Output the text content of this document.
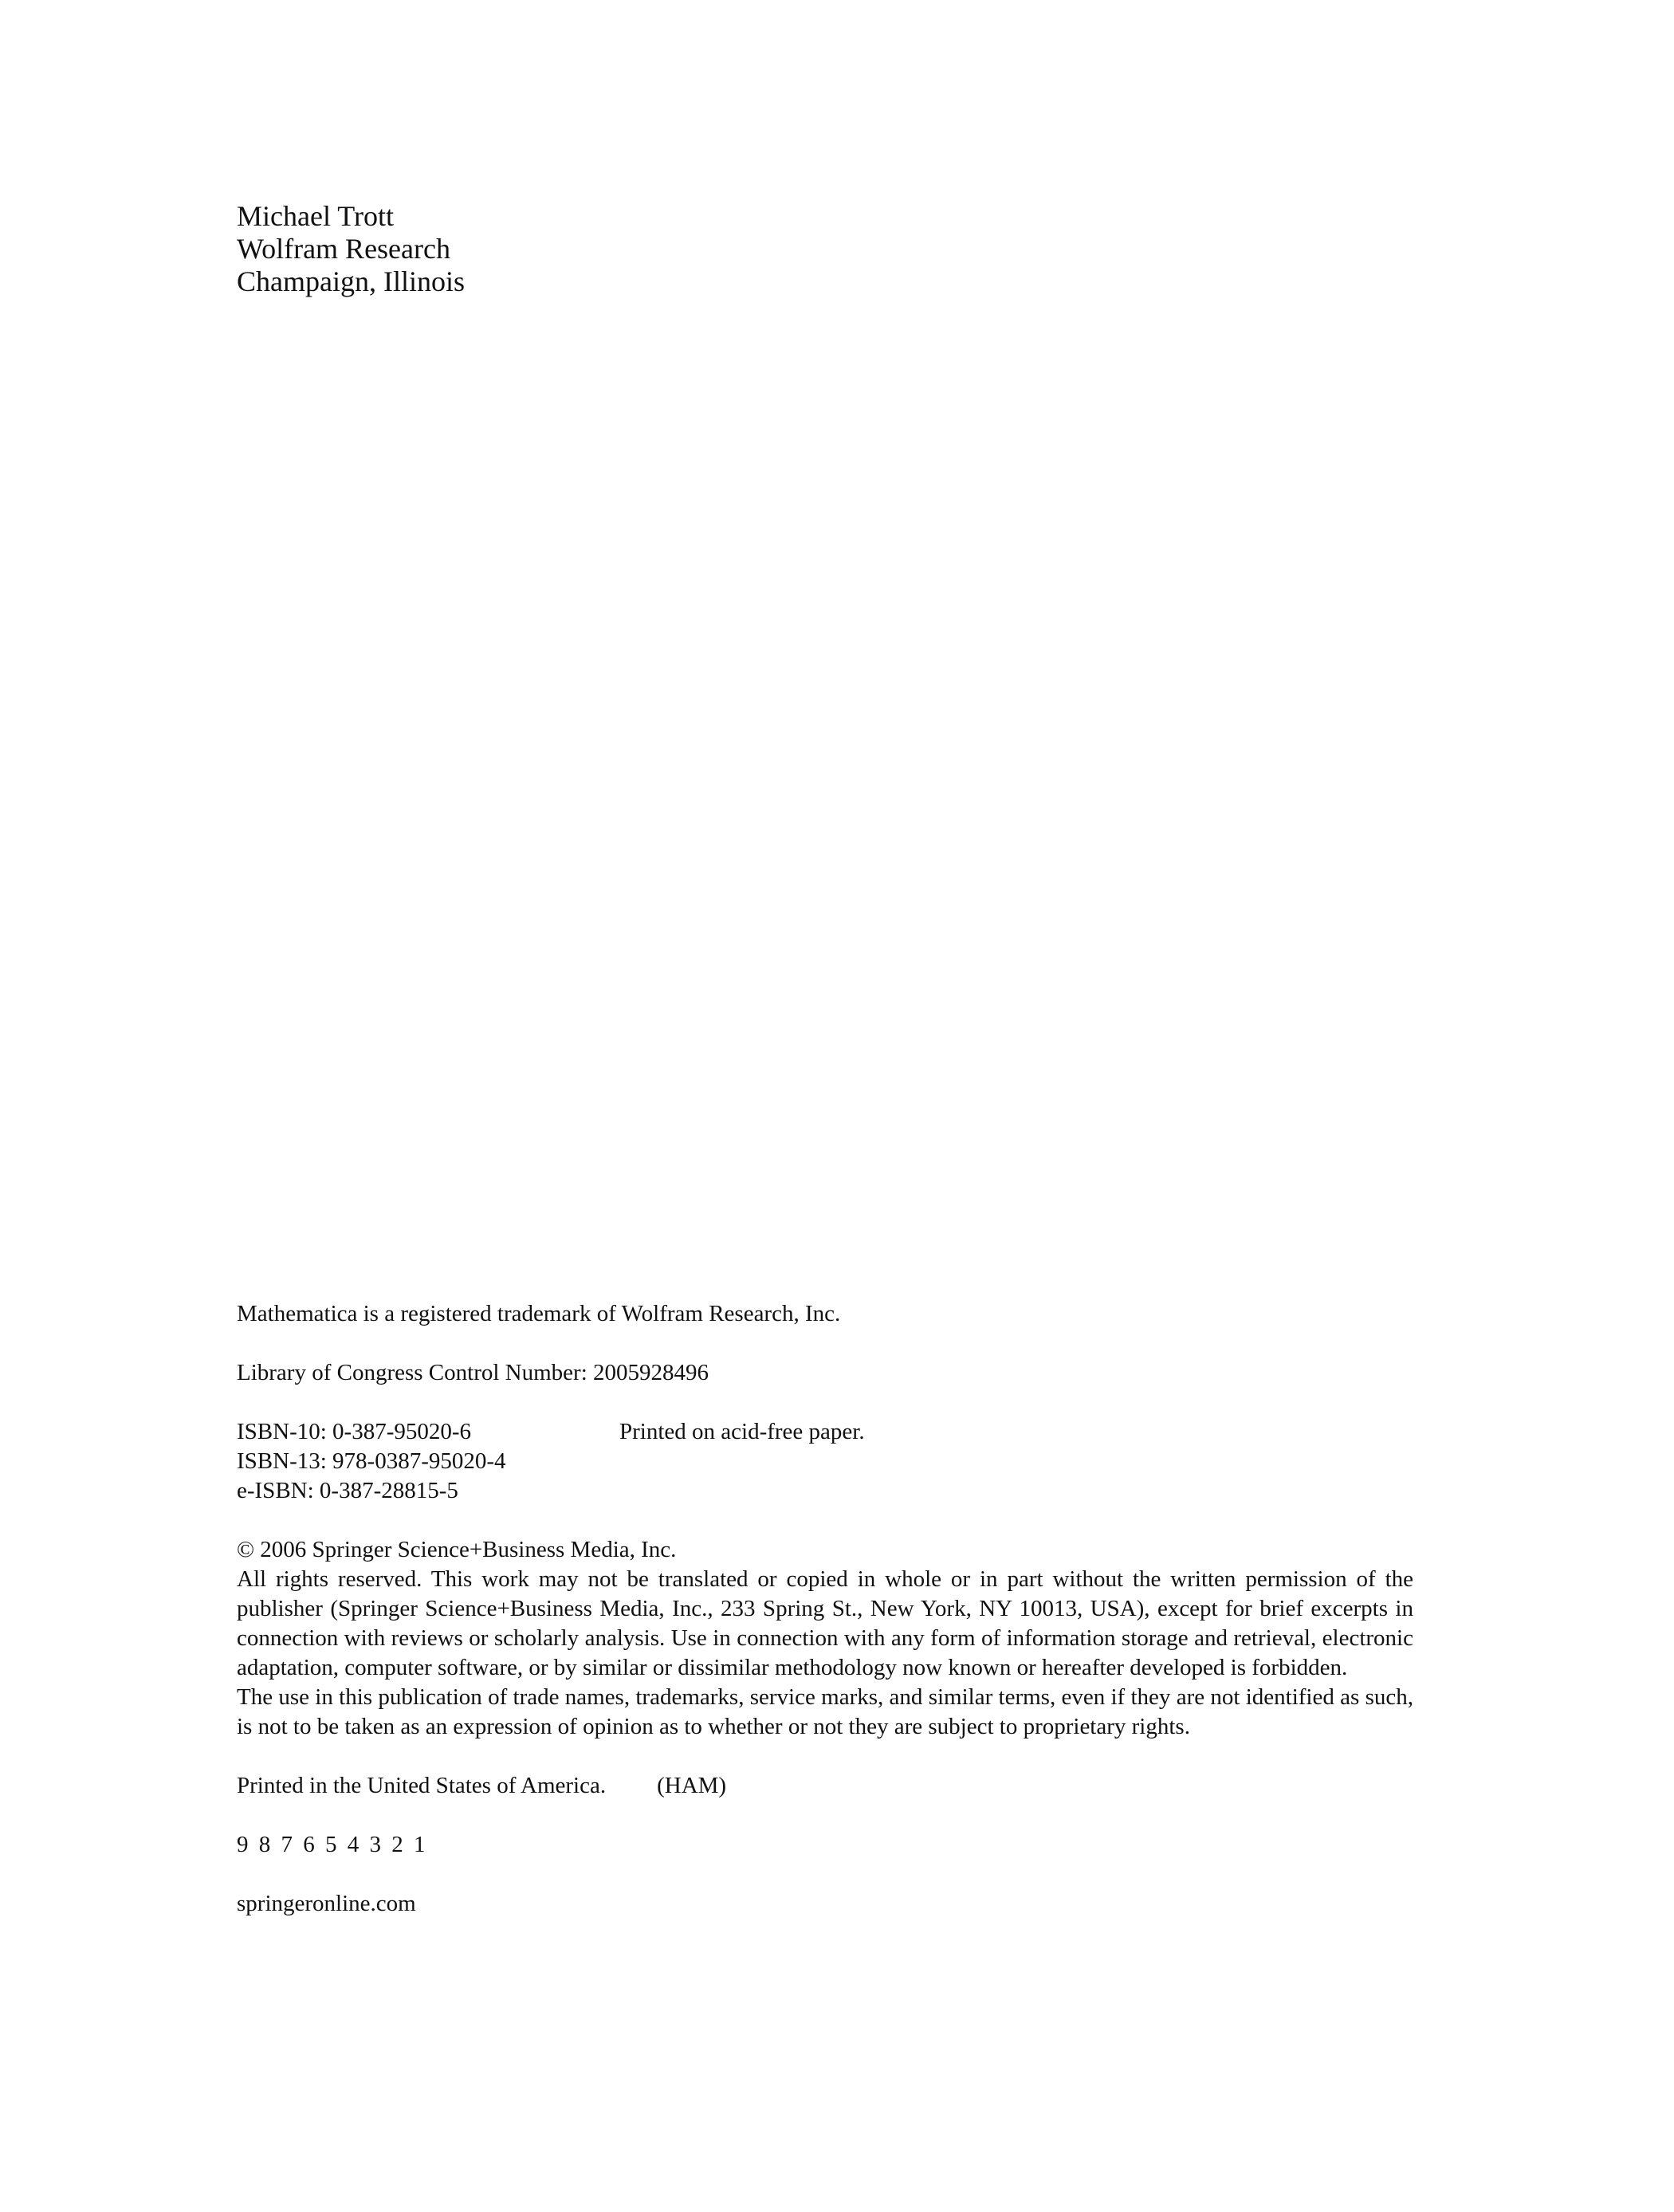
Michael Trott
Wolfram Research
Champaign, Illinois
Mathematica is a registered trademark of Wolfram Research, Inc.
Library of Congress Control Number: 2005928496
ISBN-10: 0-387-95020-6
ISBN-13: 978-0387-95020-4
e-ISBN: 0-387-28815-5
Printed on acid-free paper.
© 2006 Springer Science+Business Media, Inc.
All rights reserved. This work may not be translated or copied in whole or in part without the written permission of the publisher (Springer Science+Business Media, Inc., 233 Spring St., New York, NY 10013, USA), except for brief excerpts in connection with reviews or scholarly analysis. Use in connection with any form of information storage and retrieval, electronic adaptation, computer software, or by similar or dissimilar methodology now known or hereafter developed is forbidden.
The use in this publication of trade names, trademarks, service marks, and similar terms, even if they are not identified as such, is not to be taken as an expression of opinion as to whether or not they are subject to proprietary rights.
Printed in the United States of America. (HAM)
9 8 7 6 5 4 3 2 1
springeronline.com
